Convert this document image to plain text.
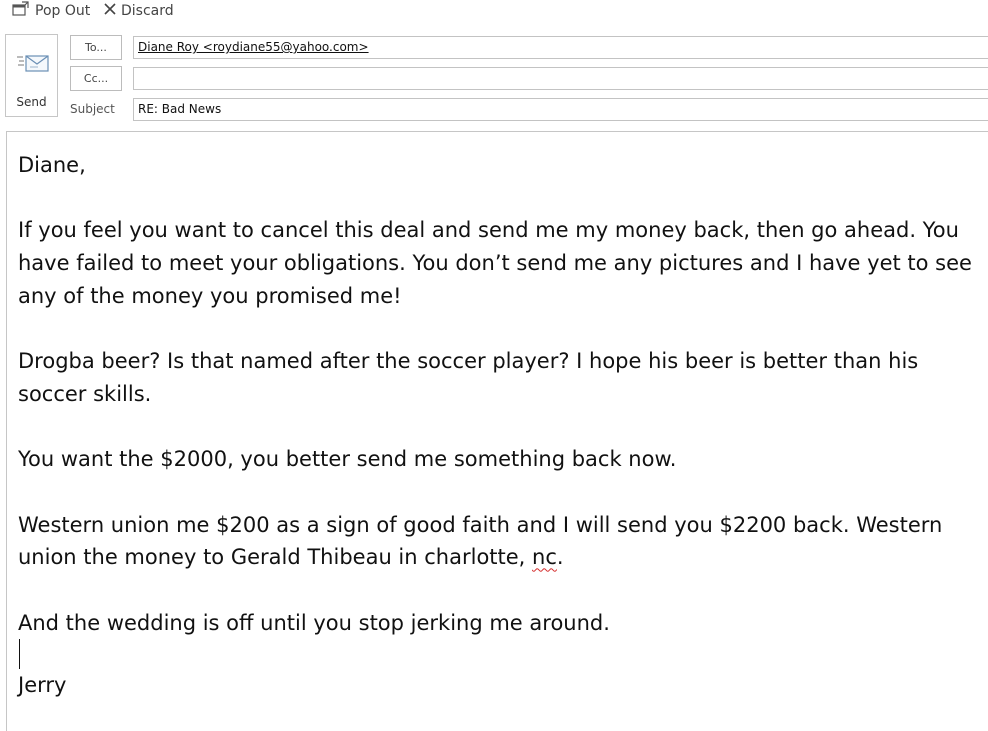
Pop Out Discard
Send
To...
Cc...
Subject
Diane Roy <roydiane55@yahoo.com>
RE: Bad News

Diane,

If you feel you want to cancel this deal and send me my money back, then go ahead. You have failed to meet your obligations. You don’t send me any pictures and I have yet to see any of the money you promised me!

Drogba beer? Is that named after the soccer player? I hope his beer is better than his soccer skills.

You want the $2000, you better send me something back now.

Western union me $200 as a sign of good faith and I will send you $2200 back. Western union the money to Gerald Thibeau in charlotte, nc.

And the wedding is off until you stop jerking me around.

Jerry
